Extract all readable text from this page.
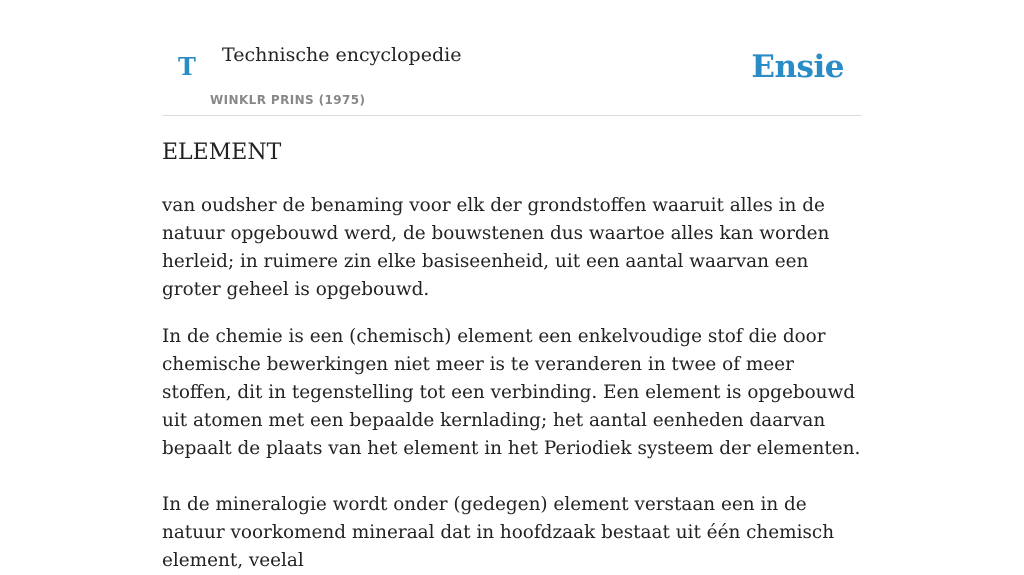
T Technische encyclopedie
WINKLR PRINS (1975)
Ensie
ELEMENT

van oudsher de benaming voor elk der grondstoffen waaruit alles in de natuur opgebouwd werd, de bouwstenen dus waartoe alles kan worden herleid; in ruimere zin elke basiseenheid, uit een aantal waarvan een groter geheel is opgebouwd.

In de chemie is een (chemisch) element een enkelvoudige stof die door chemische bewerkingen niet meer is te veranderen in twee of meer stoffen, dit in tegenstelling tot een verbinding. Een element is opgebouwd uit atomen met een bepaalde kernlading; het aantal eenheden daarvan bepaalt de plaats van het element in het Periodiek systeem der elementen.

In de mineralogie wordt onder (gedegen) element verstaan een in de natuur voorkomend mineraal dat in hoofdzaak bestaat uit één chemisch element, veelal
